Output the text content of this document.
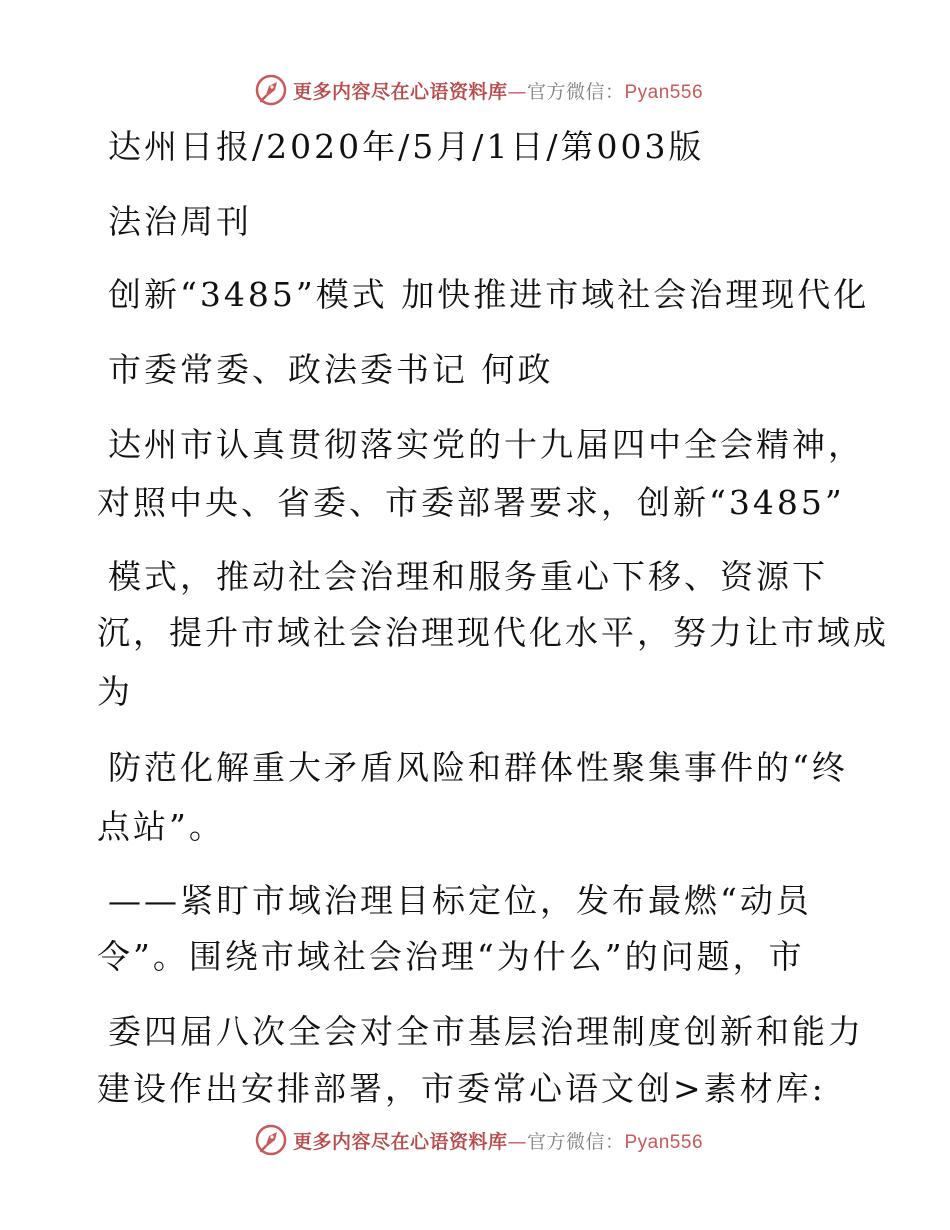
更多内容尽在心语资料库—官方微信：Pyan556
达州日报/2020年/5月/1日/第003版
法治周刊
创新“3485”模式 加快推进市域社会治理现代化
市委常委、政法委书记 何政
达州市认真贯彻落实党的十九届四中全会精神，
对照中央、省委、市委部署要求，创新“3485”
模式，推动社会治理和服务重心下移、资源下
沉，提升市域社会治理现代化水平，努力让市域成
为
防范化解重大矛盾风险和群体性聚集事件的“终
点站”。
——紧盯市域治理目标定位，发布最燃“动员
令”。围绕市域社会治理“为什么”的问题，市
委四届八次全会对全市基层治理制度创新和能力
建设作出安排部署，市委常心语文创>素材库:
更多内容尽在心语资料库—官方微信：Pyan556
